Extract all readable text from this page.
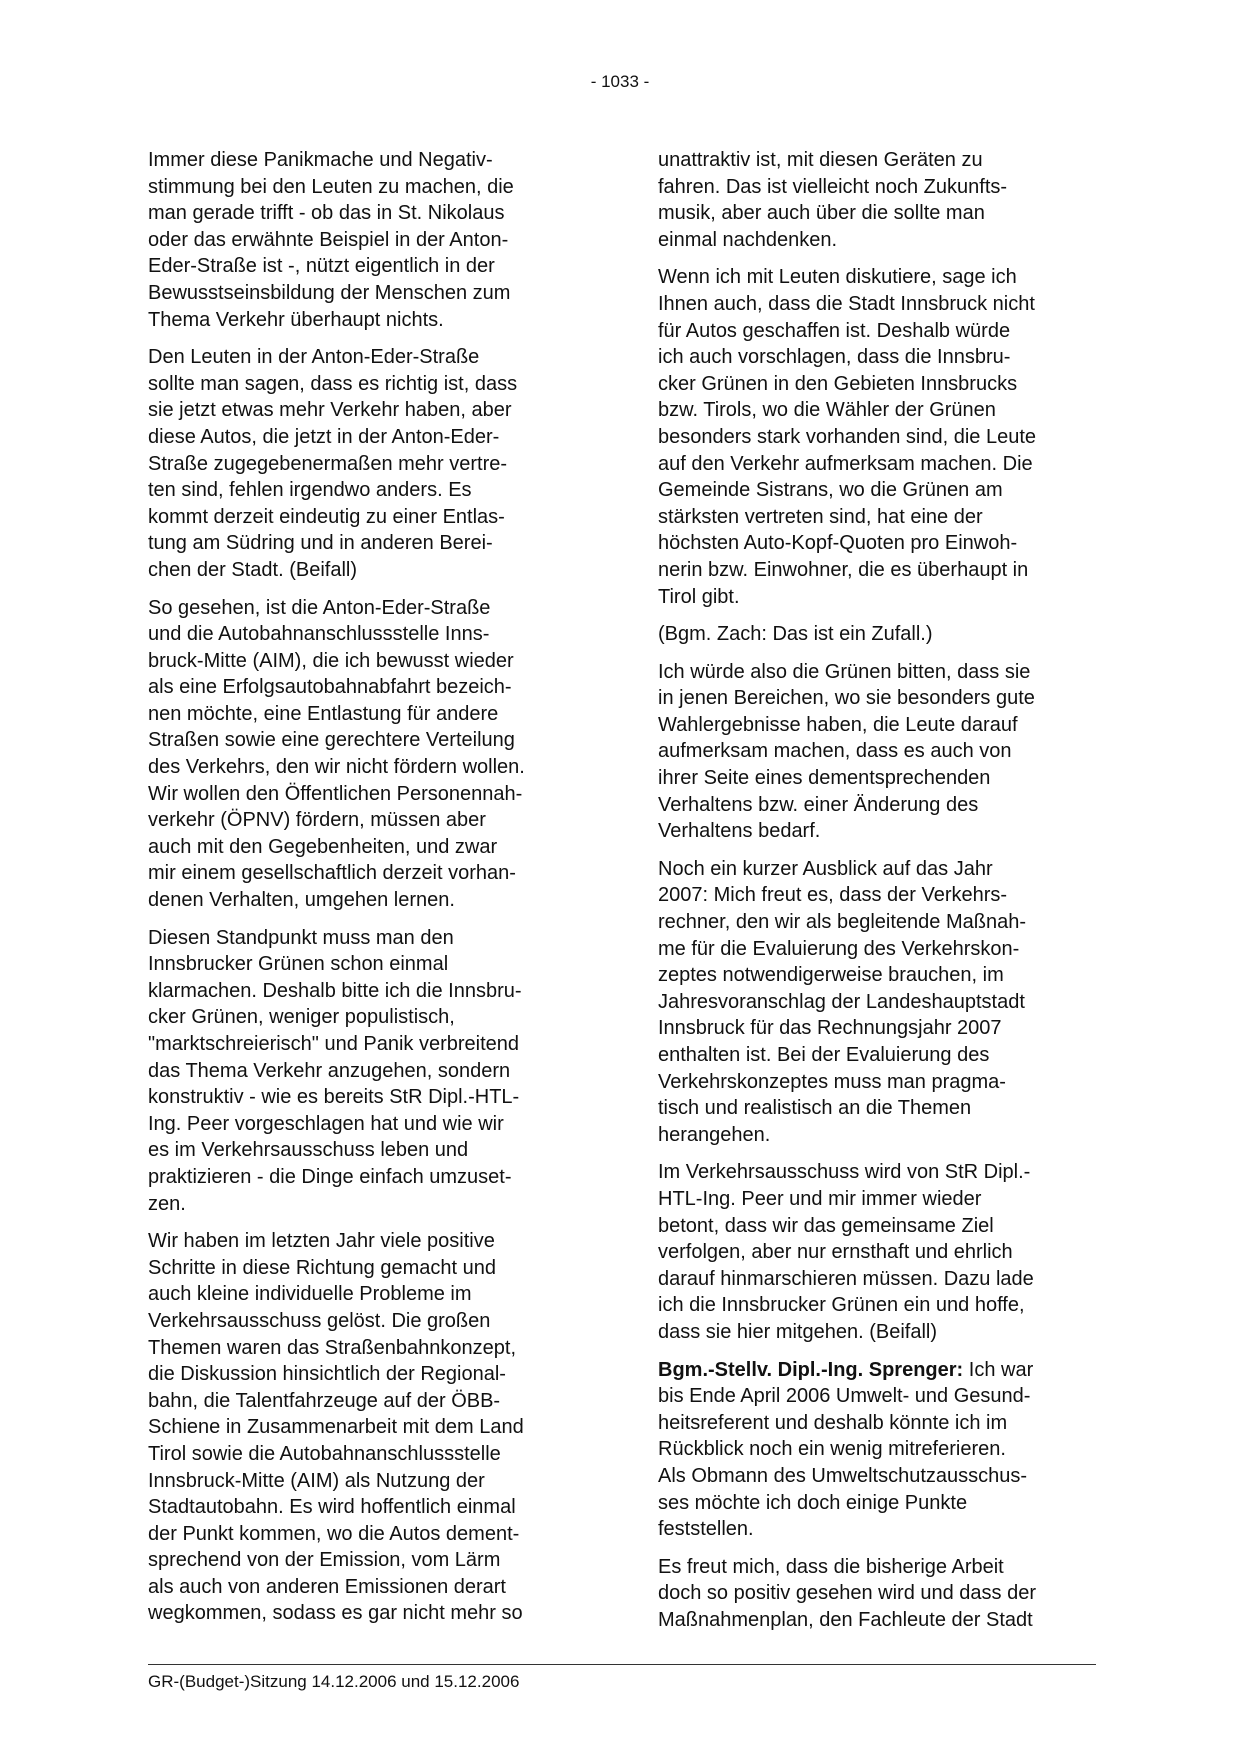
- 1033 -

Immer diese Panikmache und Negativ-
stimmung bei den Leuten zu machen, die
man gerade trifft - ob das in St. Nikolaus
oder das erwähnte Beispiel in der Anton-
Eder-Straße ist -, nützt eigentlich in der
Bewusstseinsbildung der Menschen zum
Thema Verkehr überhaupt nichts.

Den Leuten in der Anton-Eder-Straße
sollte man sagen, dass es richtig ist, dass
sie jetzt etwas mehr Verkehr haben, aber
diese Autos, die jetzt in der Anton-Eder-
Straße zugegebenermaßen mehr vertre-
ten sind, fehlen irgendwo anders. Es
kommt derzeit eindeutig zu einer Entlas-
tung am Südring und in anderen Berei-
chen der Stadt. (Beifall)

So gesehen, ist die Anton-Eder-Straße
und die Autobahnanschlussstelle Inns-
bruck-Mitte (AIM), die ich bewusst wieder
als eine Erfolgsautobahnabfahrt bezeich-
nen möchte, eine Entlastung für andere
Straßen sowie eine gerechtere Verteilung
des Verkehrs, den wir nicht fördern wollen.
Wir wollen den Öffentlichen Personennah-
verkehr (ÖPNV) fördern, müssen aber
auch mit den Gegebenheiten, und zwar
mir einem gesellschaftlich derzeit vorhan-
denen Verhalten, umgehen lernen.

Diesen Standpunkt muss man den
Innsbrucker Grünen schon einmal
klarmachen. Deshalb bitte ich die Innsbru-
cker Grünen, weniger populistisch,
"marktschreierisch" und Panik verbreitend
das Thema Verkehr anzugehen, sondern
konstruktiv - wie es bereits StR Dipl.-HTL-
Ing. Peer vorgeschlagen hat und wie wir
es im Verkehrsausschuss leben und
praktizieren - die Dinge einfach umzuset-
zen.

Wir haben im letzten Jahr viele positive
Schritte in diese Richtung gemacht und
auch kleine individuelle Probleme im
Verkehrsausschuss gelöst. Die großen
Themen waren das Straßenbahnkonzept,
die Diskussion hinsichtlich der Regional-
bahn, die Talentfahrzeuge auf der ÖBB-
Schiene in Zusammenarbeit mit dem Land
Tirol sowie die Autobahnanschlussstelle
Innsbruck-Mitte (AIM) als Nutzung der
Stadtautobahn. Es wird hoffentlich einmal
der Punkt kommen, wo die Autos dement-
sprechend von der Emission, vom Lärm
als auch von anderen Emissionen derart
wegkommen, sodass es gar nicht mehr so

unattraktiv ist, mit diesen Geräten zu
fahren. Das ist vielleicht noch Zukunfts-
musik, aber auch über die sollte man
einmal nachdenken.

Wenn ich mit Leuten diskutiere, sage ich
Ihnen auch, dass die Stadt Innsbruck nicht
für Autos geschaffen ist. Deshalb würde
ich auch vorschlagen, dass die Innsbru-
cker Grünen in den Gebieten Innsbrucks
bzw. Tirols, wo die Wähler der Grünen
besonders stark vorhanden sind, die Leute
auf den Verkehr aufmerksam machen. Die
Gemeinde Sistrans, wo die Grünen am
stärksten vertreten sind, hat eine der
höchsten Auto-Kopf-Quoten pro Einwoh-
nerin bzw. Einwohner, die es überhaupt in
Tirol gibt.

(Bgm. Zach: Das ist ein Zufall.)

Ich würde also die Grünen bitten, dass sie
in jenen Bereichen, wo sie besonders gute
Wahlergebnisse haben, die Leute darauf
aufmerksam machen, dass es auch von
ihrer Seite eines dementsprechenden
Verhaltens bzw. einer Änderung des
Verhaltens bedarf.

Noch ein kurzer Ausblick auf das Jahr
2007: Mich freut es, dass der Verkehrs-
rechner, den wir als begleitende Maßnah-
me für die Evaluierung des Verkehrskon-
zeptes notwendigerweise brauchen, im
Jahresvoranschlag der Landeshauptstadt
Innsbruck für das Rechnungsjahr 2007
enthalten ist. Bei der Evaluierung des
Verkehrskonzeptes muss man pragma-
tisch und realistisch an die Themen
herangehen.

Im Verkehrsausschuss wird von StR Dipl.-
HTL-Ing. Peer und mir immer wieder
betont, dass wir das gemeinsame Ziel
verfolgen, aber nur ernsthaft und ehrlich
darauf hinmarschieren müssen. Dazu lade
ich die Innsbrucker Grünen ein und hoffe,
dass sie hier mitgehen. (Beifall)

Bgm.-Stellv. Dipl.-Ing. Sprenger: Ich war
bis Ende April 2006 Umwelt- und Gesund-
heitsreferent und deshalb könnte ich im
Rückblick noch ein wenig mitreferieren.
Als Obmann des Umweltschutzausschus-
ses möchte ich doch einige Punkte
feststellen.

Es freut mich, dass die bisherige Arbeit
doch so positiv gesehen wird und dass der
Maßnahmenplan, den Fachleute der Stadt

GR-(Budget-)Sitzung 14.12.2006 und 15.12.2006
